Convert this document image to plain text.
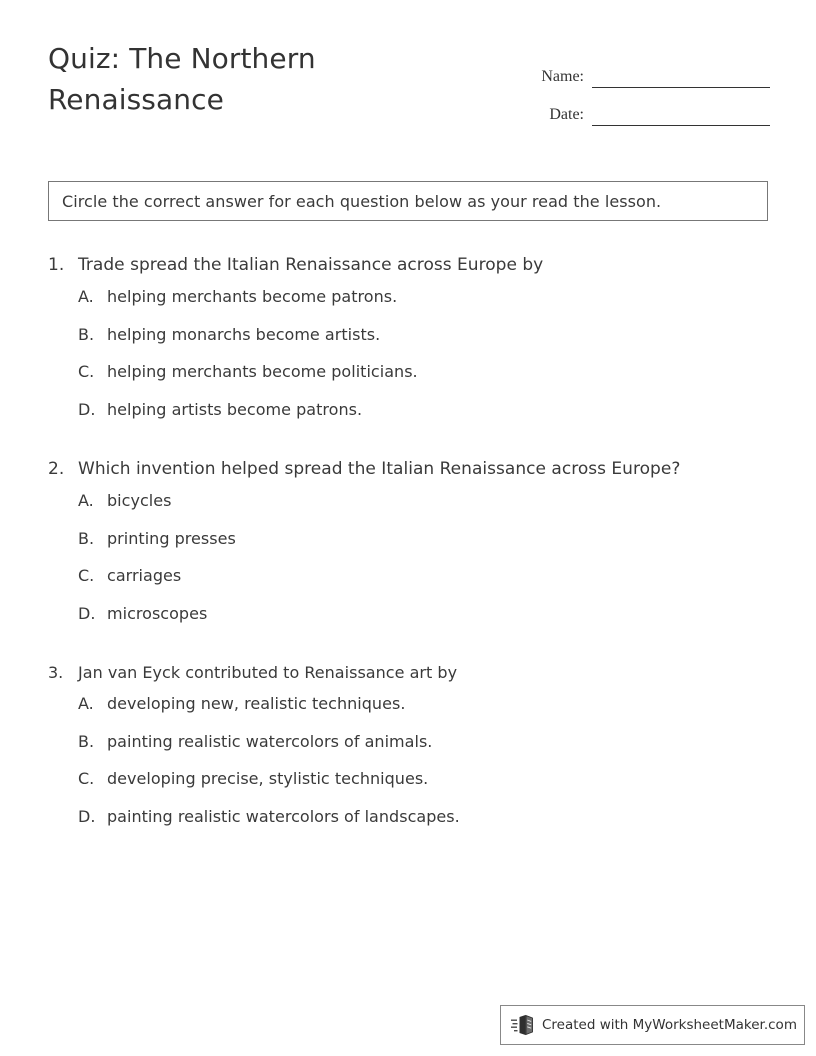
Quiz: The Northern Renaissance
Name:
Date:
Circle the correct answer for each question below as your read the lesson.
1. Trade spread the Italian Renaissance across Europe by
A. helping merchants become patrons.
B. helping monarchs become artists.
C. helping merchants become politicians.
D. helping artists become patrons.
2. Which invention helped spread the Italian Renaissance across Europe?
A. bicycles
B. printing presses
C. carriages
D. microscopes
3. Jan van Eyck contributed to Renaissance art by
A. developing new, realistic techniques.
B. painting realistic watercolors of animals.
C. developing precise, stylistic techniques.
D. painting realistic watercolors of landscapes.
Created with MyWorksheetMaker.com
